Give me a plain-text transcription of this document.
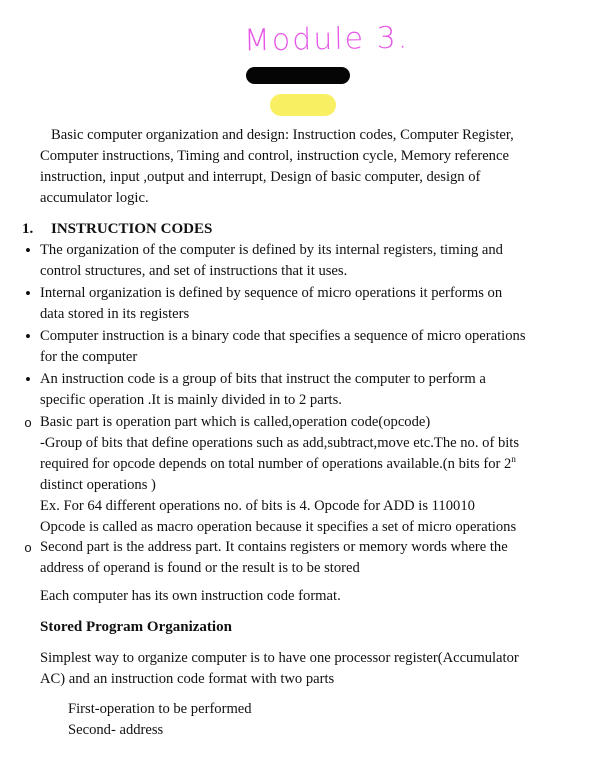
Module 3.
Basic computer organization and design: Instruction codes, Computer Register,
Computer instructions, Timing and control, instruction cycle, Memory reference
instruction, input ,output and interrupt, Design of basic computer, design of
accumulator logic.
1. INSTRUCTION CODES
•
The organization of the computer is defined by its internal registers, timing and
control structures, and set of instructions that it uses.
•
Internal organization is defined by sequence of micro operations it performs on
data stored in its registers
•
Computer instruction is a binary code that specifies a sequence of micro operations
for the computer
•
An instruction code is a group of bits that instruct the computer to perform a
specific operation .It is mainly divided in to 2 parts.
o
Basic part is operation part which is called,operation code(opcode)
-Group of bits that define operations such as add,subtract,move etc.The no. of bits
required for opcode depends on total number of operations available.(n bits for 2$^n$
distinct operations )
Ex. For 64 different operations no. of bits is 4. Opcode for ADD is 110010
Opcode is called as macro operation because it specifies a set of micro operations
o
Second part is the address part. It contains registers or memory words where the
address of operand is found or the result is to be stored
Each computer has its own instruction code format.
Stored Program Organization
Simplest way to organize computer is to have one processor register(Accumulator
AC) and an instruction code format with two parts
First-operation to be performed
Second- address
